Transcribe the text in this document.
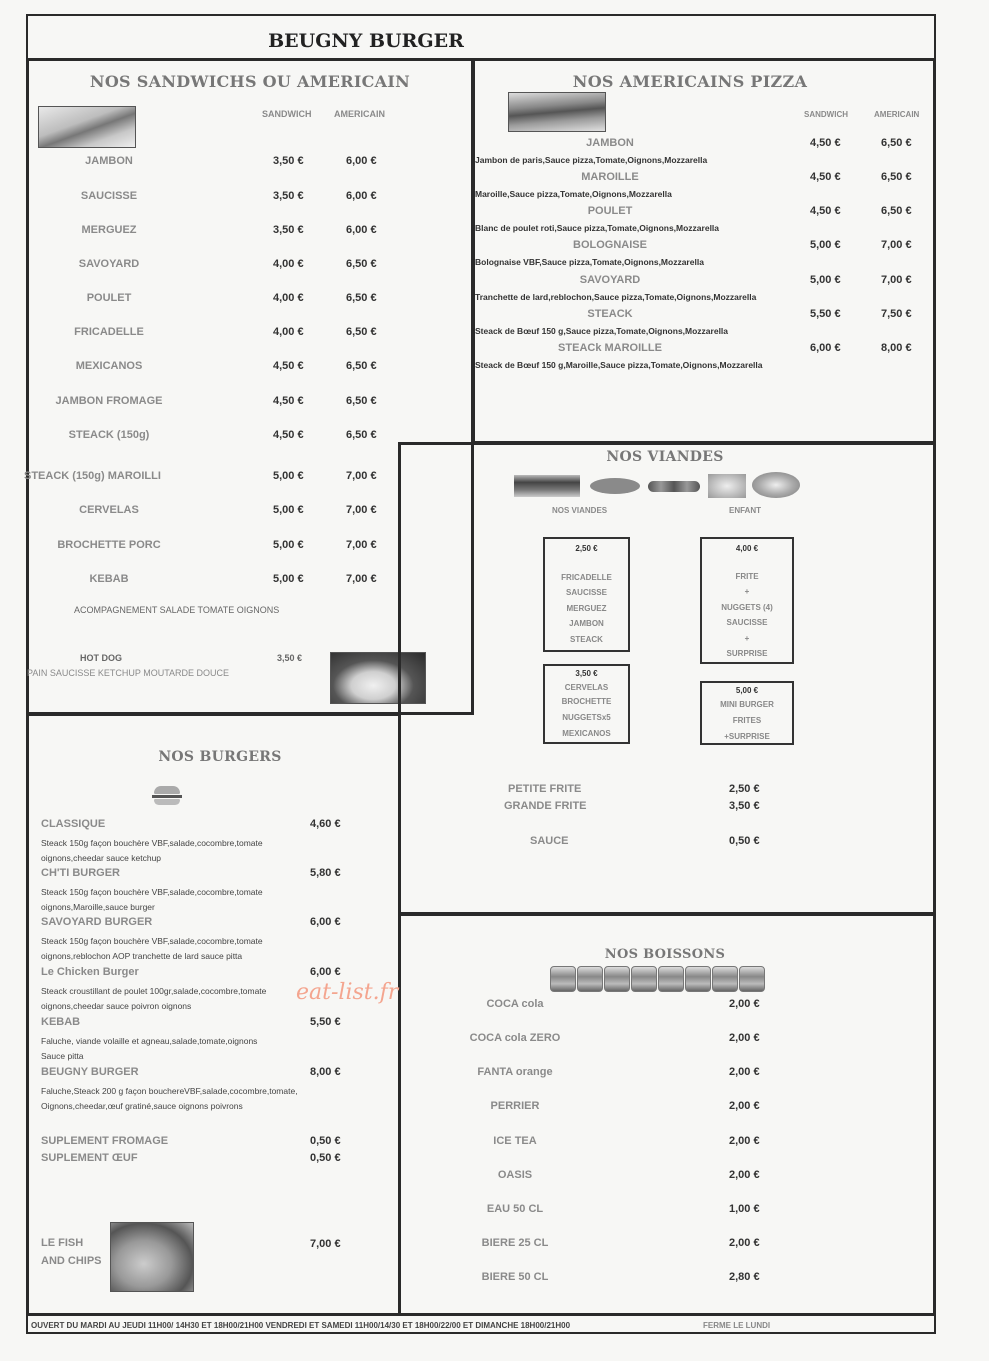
BEUGNY BURGER
NOS SANDWICHS OU AMERICAIN
SANDWICH	AMERICAIN
JAMBON	3,50 €	6,00 €
SAUCISSE	3,50 €	6,00 €
MERGUEZ	3,50 €	6,00 €
SAVOYARD	4,00 €	6,50 €
POULET	4,00 €	6,50 €
FRICADELLE	4,00 €	6,50 €
MEXICANOS	4,50 €	6,50 €
JAMBON FROMAGE	4,50 €	6,50 €
STEACK (150g)	4,50 €	6,50 €
STEACK (150g) MAROILLI	5,00 €	7,00 €
CERVELAS	5,00 €	7,00 €
BROCHETTE PORC	5,00 €	7,00 €
KEBAB	5,00 €	7,00 €
ACOMPAGNEMENT SALADE TOMATE OIGNONS
HOT DOG	3,50 €
PAIN SAUCISSE KETCHUP MOUTARDE DOUCE
NOS AMERICAINS PIZZA
SANDWICH	AMERICAIN
JAMBON	4,50 €	6,50 €
Jambon de paris,Sauce pizza,Tomate,Oignons,Mozzarella
MAROILLE	4,50 €	6,50 €
Maroille,Sauce pizza,Tomate,Oignons,Mozzarella
POULET	4,50 €	6,50 €
Blanc de poulet roti,Sauce pizza,Tomate,Oignons,Mozzarella
BOLOGNAISE	5,00 €	7,00 €
Bolognaise VBF,Sauce pizza,Tomate,Oignons,Mozzarella
SAVOYARD	5,00 €	7,00 €
Tranchette de lard,reblochon,Sauce pizza,Tomate,Oignons,Mozzarella
STEACK	5,50 €	7,50 €
Steack de Bœuf 150 g,Sauce pizza,Tomate,Oignons,Mozzarella
STEACk MAROILLE	6,00 €	8,00 €
Steack de Bœuf 150 g,Maroille,Sauce pizza,Tomate,Oignons,Mozzarella
NOS VIANDES
NOS VIANDES	ENFANT
2,50 €
FRICADELLE
SAUCISSE
MERGUEZ
JAMBON
STEACK
3,50 €
CERVELAS
BROCHETTE
NUGGETSx5
MEXICANOS
4,00 €
FRITE
+
NUGGETS (4)
SAUCISSE
+
SURPRISE
5,00 €
MINI BURGER
FRITES
+SURPRISE
PETITE FRITE	2,50 €
GRANDE FRITE	3,50 €
SAUCE	0,50 €
NOS BURGERS
CLASSIQUE	4,60 €
Steack 150g façon bouchère VBF,salade,cocombre,tomate
oignons,cheedar sauce ketchup
CH'TI BURGER	5,80 €
Steack 150g façon bouchère VBF,salade,cocombre,tomate
oignons,Maroille,sauce burger
SAVOYARD BURGER	6,00 €
Steack 150g façon bouchère VBF,salade,cocombre,tomate
oignons,reblochon AOP tranchette de lard sauce pitta
Le Chicken Burger	6,00 €
Steack croustillant de poulet 100gr,salade,cocombre,tomate
oignons,cheedar sauce poivron oignons
KEBAB	5,50 €
Faluche, viande volaille et agneau,salade,tomate,oignons
Sauce pitta
BEUGNY BURGER	8,00 €
Faluche,Steack 200 g façon bouchereVBF,salade,cocombre,tomate,
Oignons,cheedar,œuf gratiné,sauce oignons poivrons
SUPLEMENT FROMAGE	0,50 €
SUPLEMENT ŒUF	0,50 €
LE FISH
AND CHIPS
7,00 €
NOS BOISSONS
COCA cola	2,00 €
COCA cola ZERO	2,00 €
FANTA orange	2,00 €
PERRIER	2,00 €
ICE TEA	2,00 €
OASIS	2,00 €
EAU 50 CL	1,00 €
BIERE 25 CL	2,00 €
BIERE 50 CL	2,80 €
OUVERT DU MARDI AU JEUDI 11H00/ 14H30 ET 18H00/21H00 VENDREDI ET SAMEDI 11H00/14/30 ET 18H00/22/00 ET DIMANCHE 18H00/21H00	FERME LE LUNDI
eat-list.fr
